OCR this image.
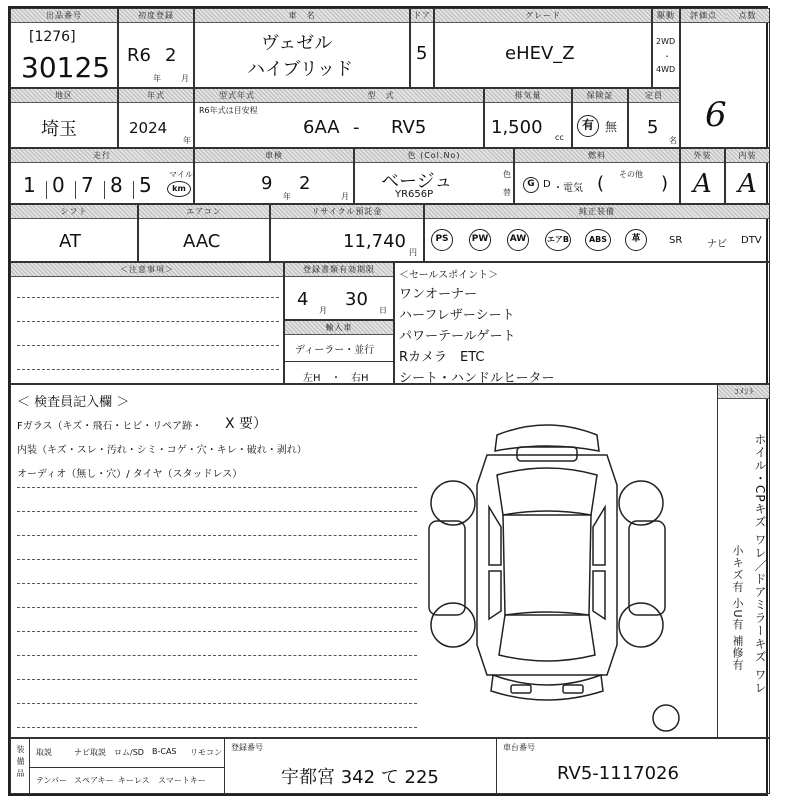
出品番号
[1276]
30125
初度登録
R6 2
年	月
車　名
ヴェゼル
ハイブリッド
ドア
5
グレード
eHEV_Z
駆動
2WD
・
4WD
評価点	点数
6
地区
埼玉
年式
2024
年
型式年式	型　式
R6年式は目安程
6AA - RV5
排気量
1,500 cc
保険証
有 無
定員
5
名
走行
1 0 7 8 5 マイル
km
車検
9
年
2
月
色 (Col.No)
ベージュ
YR656P
色
替
燃料
G D ・電気 ( その他 )
外装
A
内装
A
シフト
AT
エアコン
AAC
リサイクル預託金
11,740
円
純正装備
PS	PW	AW	エアB	ABS	革	SR ナビ DTV
＜注意事項＞	登録書類有効期限
4
月
30
日
輸入車
ディーラー・並行
左H ・ 右H
＜セールスポイント＞
ワンオーナー
ハーフレザーシート
パワーテールゲート
Rカメラ　ETC
シート・ハンドルヒーター
＜ 検査員記入欄 ＞
Fガラス（キズ・飛石・ヒビ・リペア跡・ X 要）
内装（キズ・スレ・汚れ・シミ・コゲ・穴・キレ・破れ・剥れ）
オーディオ（無し・穴）/ タイヤ（スタッドレス）
ｺﾒﾝﾄ
ホイル・CPキズ ワレ／ドアミラーキズ ワレ
小キズ有 小U有 補修有
装備品 取説	ナビ取説 ロム/SD B-CAS リモコン
テンパー スペアキー キーレス スマートキー
登録番号
宇都宮 342 て 225
車台番号
RV5-1117026
